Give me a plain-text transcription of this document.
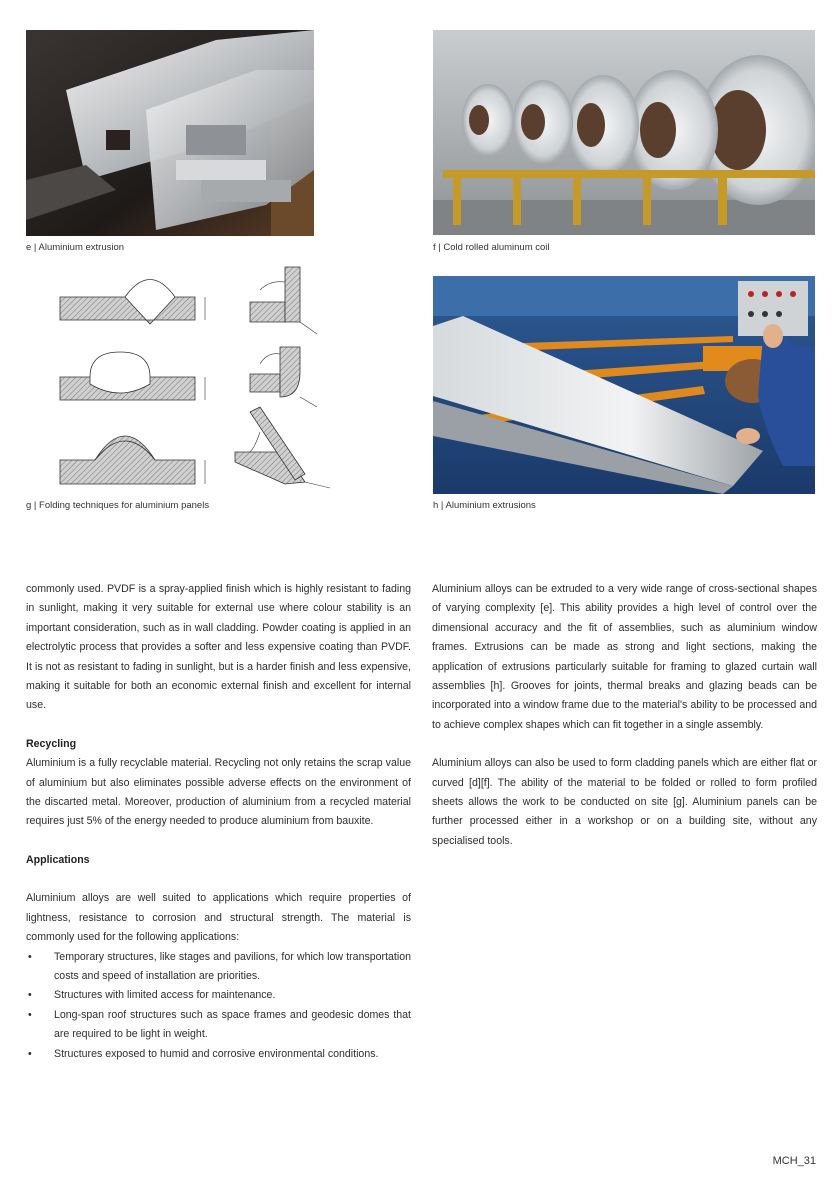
e | Aluminium extrusion	f | Cold rolled aluminum coil
g | Folding techniques for aluminium panels	h | Aluminium extrusions

commonly used. PVDF is a spray-applied finish which is highly resistant to fading in sunlight, making it very suitable for external use where colour stability is an important consideration, such as in wall cladding. Powder coating is applied in an electrolytic process that provides a softer and less expensive coating than PVDF. It is not as resistant to fading in sunlight, but is a harder finish and less expensive, making it suitable for both an economic external finish and excellent for internal use.

Recycling

Aluminium is a fully recyclable material. Recycling not only retains the scrap value of aluminium but also eliminates possible adverse effects on the environment of the discarted metal. Moreover, production of aluminium from a recycled material requires just 5% of the energy needed to produce aluminium from bauxite.

Applications

Aluminium alloys are well suited to applications which require properties of lightness, resistance to corrosion and structural strength. The material is commonly used for the following applications:

• Temporary structures, like stages and pavilions, for which low transportation costs and speed of installation are priorities.
• Structures with limited access for maintenance.
• Long-span roof structures such as space frames and geodesic domes that are required to be light in weight.
• Structures exposed to humid and corrosive environmental conditions.

Aluminium alloys can be extruded to a very wide range of cross-sectional shapes of varying complexity [e]. This ability provides a high level of control over the dimensional accuracy and the fit of assemblies, such as aluminium window frames. Extrusions can be made as strong and light sections, making the application of extrusions particularly suitable for framing to glazed curtain wall assemblies [h]. Grooves for joints, thermal breaks and glazing beads can be incorporated into a window frame due to the material's ability to be processed and to achieve complex shapes which can fit together in a single assembly.

Aluminium alloys can also be used to form cladding panels which are either flat or curved [d][f]. The ability of the material to be folded or rolled to form profiled sheets allows the work to be conducted on site [g]. Aluminium panels can be further processed either in a workshop or on a building site, without any specialised tools.

MCH_31
